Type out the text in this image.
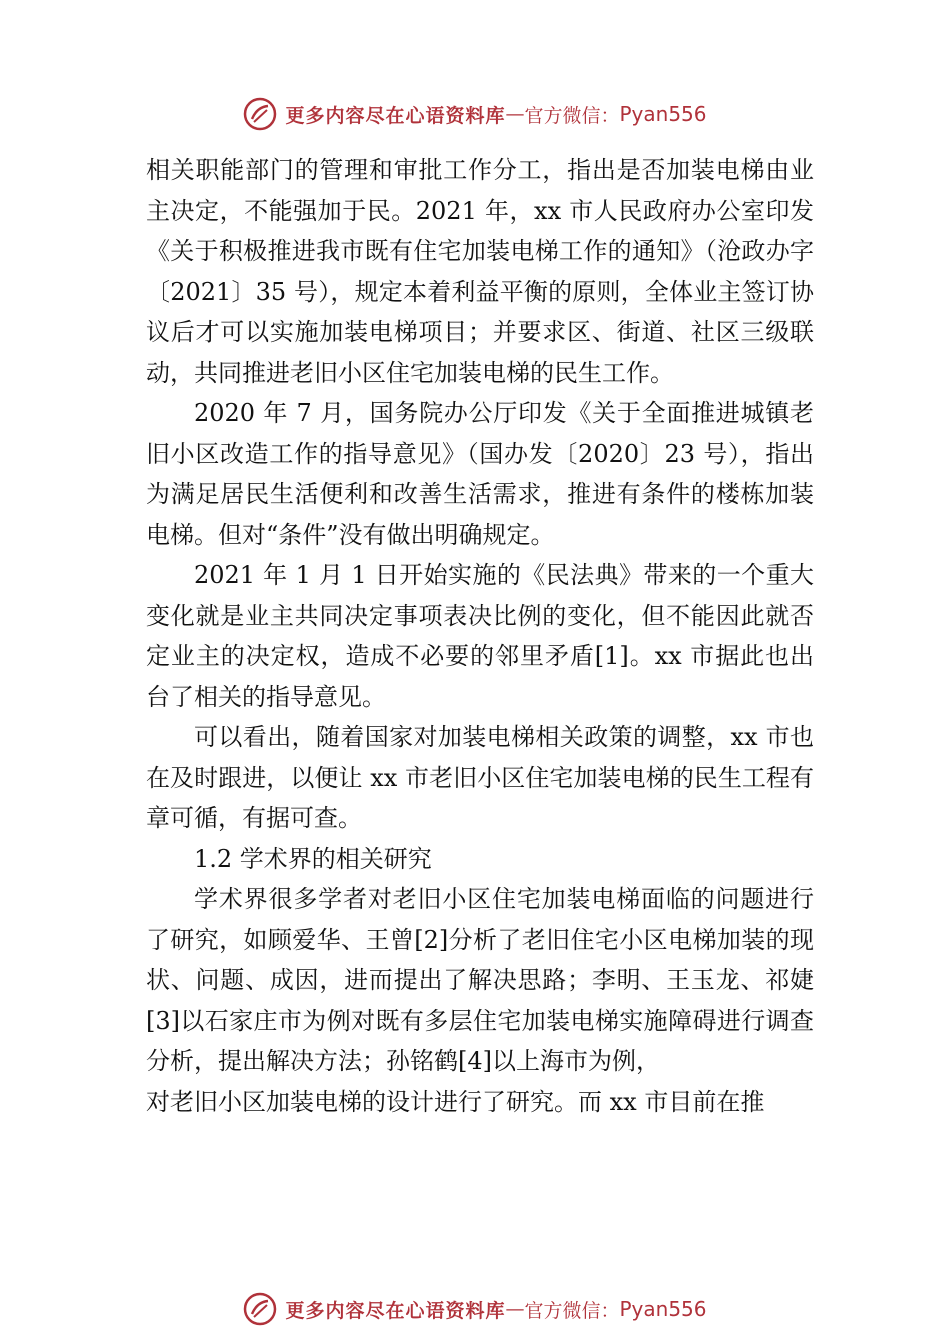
更多内容尽在心语资料库 — 官方微信： Pyan556

相关职能部门的管理和审批工作分工，指出是否加装电梯由业主决定，不能强加于民。2021 年，xx 市人民政府办公室印发《关于积极推进我市既有住宅加装电梯工作的通知》（沧政办字〔2021〕35 号），规定本着利益平衡的原则，全体业主签订协议后才可以实施加装电梯项目；并要求区、街道、社区三级联动，共同推进老旧小区住宅加装电梯的民生工作。

2020 年 7 月，国务院办公厅印发《关于全面推进城镇老旧小区改造工作的指导意见》（国办发〔2020〕23 号），指出为满足居民生活便利和改善生活需求，推进有条件的楼栋加装电梯。但对“条件”没有做出明确规定。

2021 年 1 月 1 日开始实施的《民法典》带来的一个重大变化就是业主共同决定事项表决比例的变化，但不能因此就否定业主的决定权，造成不必要的邻里矛盾[1]。xx 市据此也出台了相关的指导意见。

可以看出，随着国家对加装电梯相关政策的调整，xx 市也在及时跟进，以便让 xx 市老旧小区住宅加装电梯的民生工程有章可循，有据可查。

1.2 学术界的相关研究

学术界很多学者对老旧小区住宅加装电梯面临的问题进行了研究，如顾爱华、王曾[2]分析了老旧住宅小区电梯加装的现状、问题、成因，进而提出了解决思路；李明、王玉龙、祁婕[3]以石家庄市为例对既有多层住宅加装电梯实施障碍进行调查分析，提出解决方法；孙铭鹤[4]以上海市为例，

对老旧小区加装电梯的设计进行了研究。而 xx 市目前在推

更多内容尽在心语资料库 — 官方微信： Pyan556
